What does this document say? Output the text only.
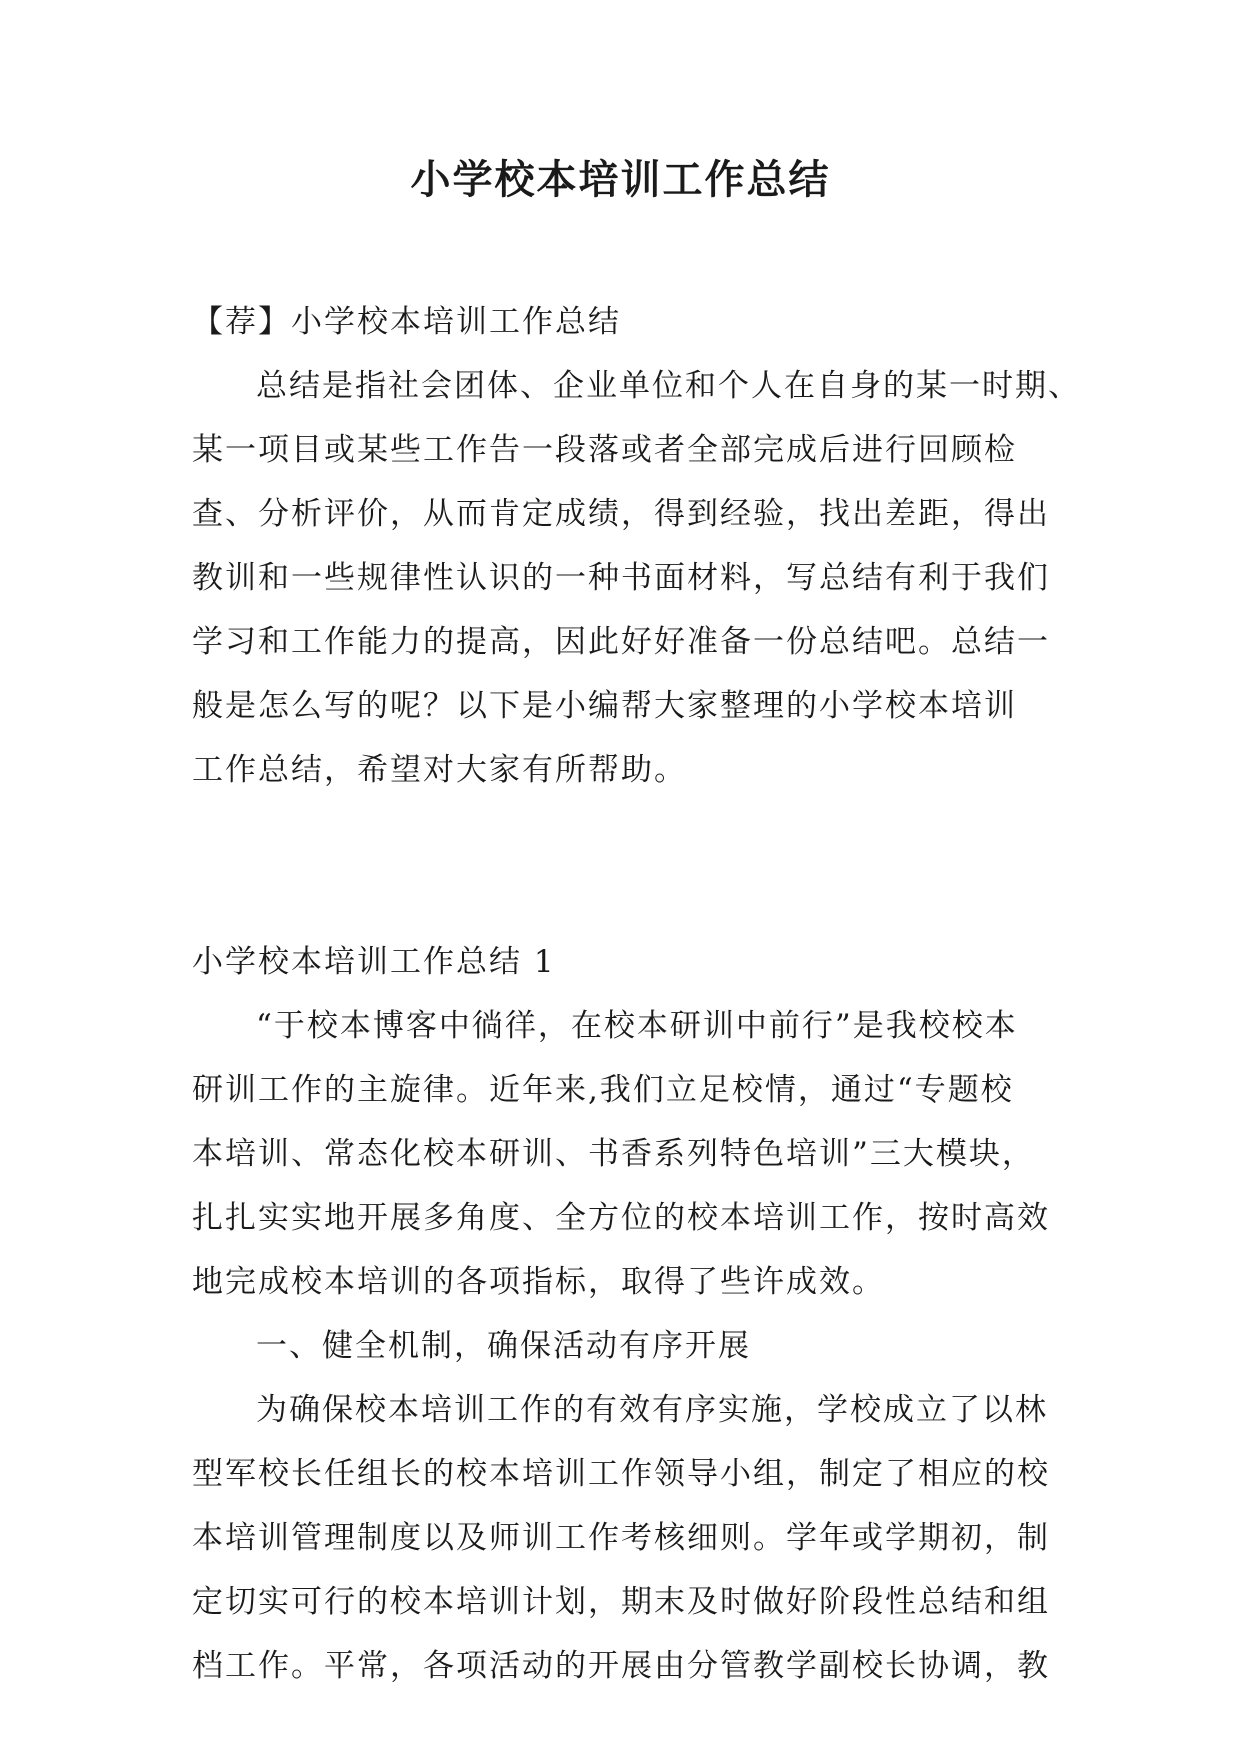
小学校本培训工作总结

【荐】小学校本培训工作总结

总结是指社会团体、企业单位和个人在自身的某一时期、

某一项目或某些工作告一段落或者全部完成后进行回顾检

查、分析评价，从而肯定成绩，得到经验，找出差距，得出

教训和一些规律性认识的一种书面材料，写总结有利于我们

学习和工作能力的提高，因此好好准备一份总结吧。总结一

般是怎么写的呢？以下是小编帮大家整理的小学校本培训

工作总结，希望对大家有所帮助。

小学校本培训工作总结 1

“于校本博客中徜徉，在校本研训中前行”是我校校本

研训工作的主旋律。近年来,我们立足校情，通过“专题校

本培训、常态化校本研训、书香系列特色培训”三大模块，

扎扎实实地开展多角度、全方位的校本培训工作，按时高效

地完成校本培训的各项指标，取得了些许成效。

一、健全机制，确保活动有序开展

为确保校本培训工作的有效有序实施，学校成立了以林

型军校长任组长的校本培训工作领导小组，制定了相应的校

本培训管理制度以及师训工作考核细则。学年或学期初，制

定切实可行的校本培训计划，期末及时做好阶段性总结和组

档工作。平常，各项活动的开展由分管教学副校长协调，教
